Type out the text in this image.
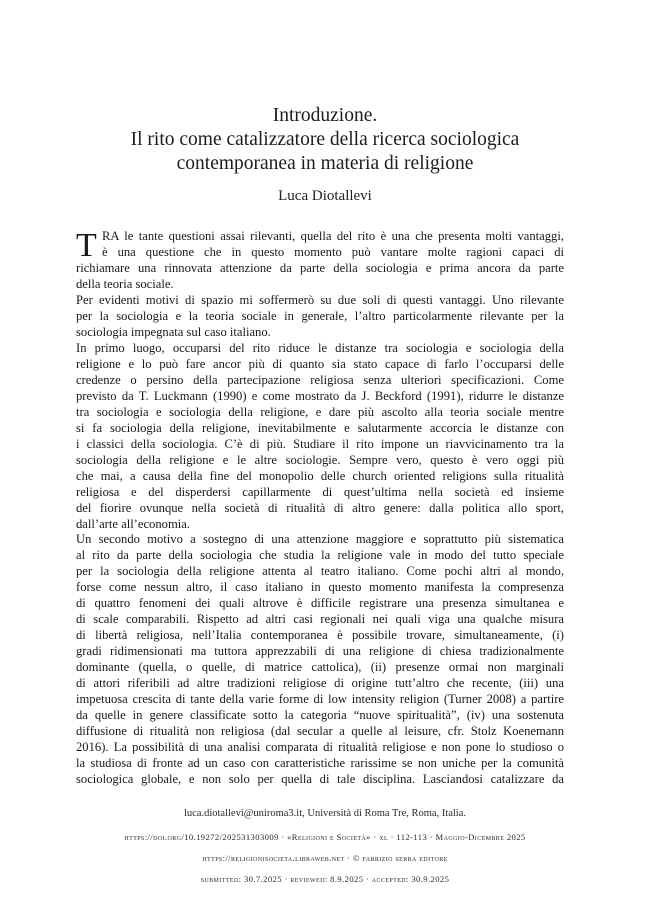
Introduzione.
Il rito come catalizzatore della ricerca sociologica
contemporanea in materia di religione
Luca Diotallevi
T RA le tante questioni assai rilevanti, quella del rito è una che presenta molti vantaggi,
è una questione che in questo momento può vantare molte ragioni capaci di
richiamare una rinnovata attenzione da parte della sociologia e prima ancora da parte
della teoria sociale.
Per evidenti motivi di spazio mi soffermerò su due soli di questi vantaggi. Uno rilevante
per la sociologia e la teoria sociale in generale, l’altro particolarmente rilevante per la
sociologia impegnata sul caso italiano.
In primo luogo, occuparsi del rito riduce le distanze tra sociologia e sociologia della
religione e lo può fare ancor più di quanto sia stato capace di farlo l’occuparsi delle
credenze o persino della partecipazione religiosa senza ulteriori specificazioni. Come
previsto da T. Luckmann (1990) e come mostrato da J. Beckford (1991), ridurre le distanze
tra sociologia e sociologia della religione, e dare più ascolto alla teoria sociale mentre
si fa sociologia della religione, inevitabilmente e salutarmente accorcia le distanze con
i classici della sociologia. C’è di più. Studiare il rito impone un riavvicinamento tra la
sociologia della religione e le altre sociologie. Sempre vero, questo è vero oggi più
che mai, a causa della fine del monopolio delle church oriented religions sulla ritualità
religiosa e del disperdersi capillarmente di quest’ultima nella società ed insieme
del fiorire ovunque nella società di ritualità di altro genere: dalla politica allo sport,
dall’arte all’economia.
Un secondo motivo a sostegno di una attenzione maggiore e soprattutto più sistematica
al rito da parte della sociologia che studia la religione vale in modo del tutto speciale
per la sociologia della religione attenta al teatro italiano. Come pochi altri al mondo,
forse come nessun altro, il caso italiano in questo momento manifesta la compresenza
di quattro fenomeni dei quali altrove è difficile registrare una presenza simultanea e
di scale comparabili. Rispetto ad altri casi regionali nei quali viga una qualche misura
di libertà religiosa, nell’Italia contemporanea è possibile trovare, simultaneamente, (i)
gradi ridimensionati ma tuttora apprezzabili di una religione di chiesa tradizionalmente
dominante (quella, o quelle, di matrice cattolica), (ii) presenze ormai non marginali
di attori riferibili ad altre tradizioni religiose di origine tutt’altro che recente, (iii) una
impetuosa crescita di tante della varie forme di low intensity religion (Turner 2008) a partire
da quelle in genere classificate sotto la categoria “nuove spiritualità”, (iv) una sostenuta
diffusione di ritualità non religiosa (dal secular a quelle al leisure, cfr. Stolz Koenemann
2016). La possibilità di una analisi comparata di ritualità religiose e non pone lo studioso o
la studiosa di fronte ad un caso con caratteristiche rarissime se non uniche per la comunità
sociologica globale, e non solo per quella di tale disciplina. Lasciandosi catalizzare da
luca.diotallevi@uniroma3.it, Università di Roma Tre, Roma, Italia.
https://doi.org/10.19272/202531303009 · «Religioni e Società» · xl · 112-113 · Maggio-Dicembre 2025
https://religionisocieta.libraweb.net · © fabrizio serra editore
submitted: 30.7.2025 · reviewed: 8.9.2025 · accepted: 30.9.2025
